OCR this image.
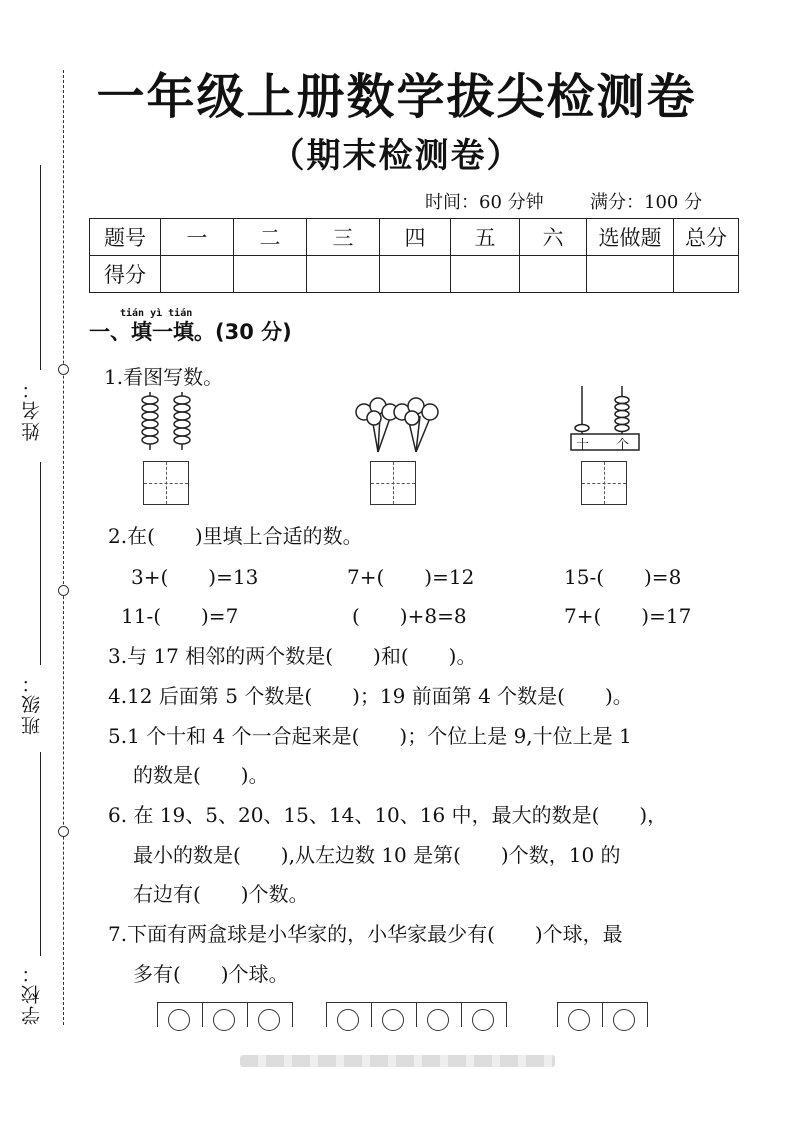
一年级上册数学拔尖检测卷
（期末检测卷）
时间：60 分钟	满分：100 分
题号	一	二	三	四	五	六	选做题	总分
得分								
姓名：
班级：
学校：
tián yì tián
一、填一填。(30 分)
1.看图写数。
十 个
2.在(　　)里填上合适的数。
3+(　　)=13	7+(　　)=12	15-(　　)=8
11-(　　)=7	(　　)+8=8	7+(　　)=17
3.与 17 相邻的两个数是(　　)和(　　)。
4.12 后面第 5 个数是(　　)；19 前面第 4 个数是(　　)。
5.1 个十和 4 个一合起来是(　　)；个位上是 9,十位上是 1
的数是(　　)。
6. 在 19、5、20、15、14、10、16 中，最大的数是(　　)，
最小的数是(　　),从左边数 10 是第(　　)个数，10 的
右边有(　　)个数。
7.下面有两盒球是小华家的，小华家最少有(　　)个球，最
多有(　　)个球。
